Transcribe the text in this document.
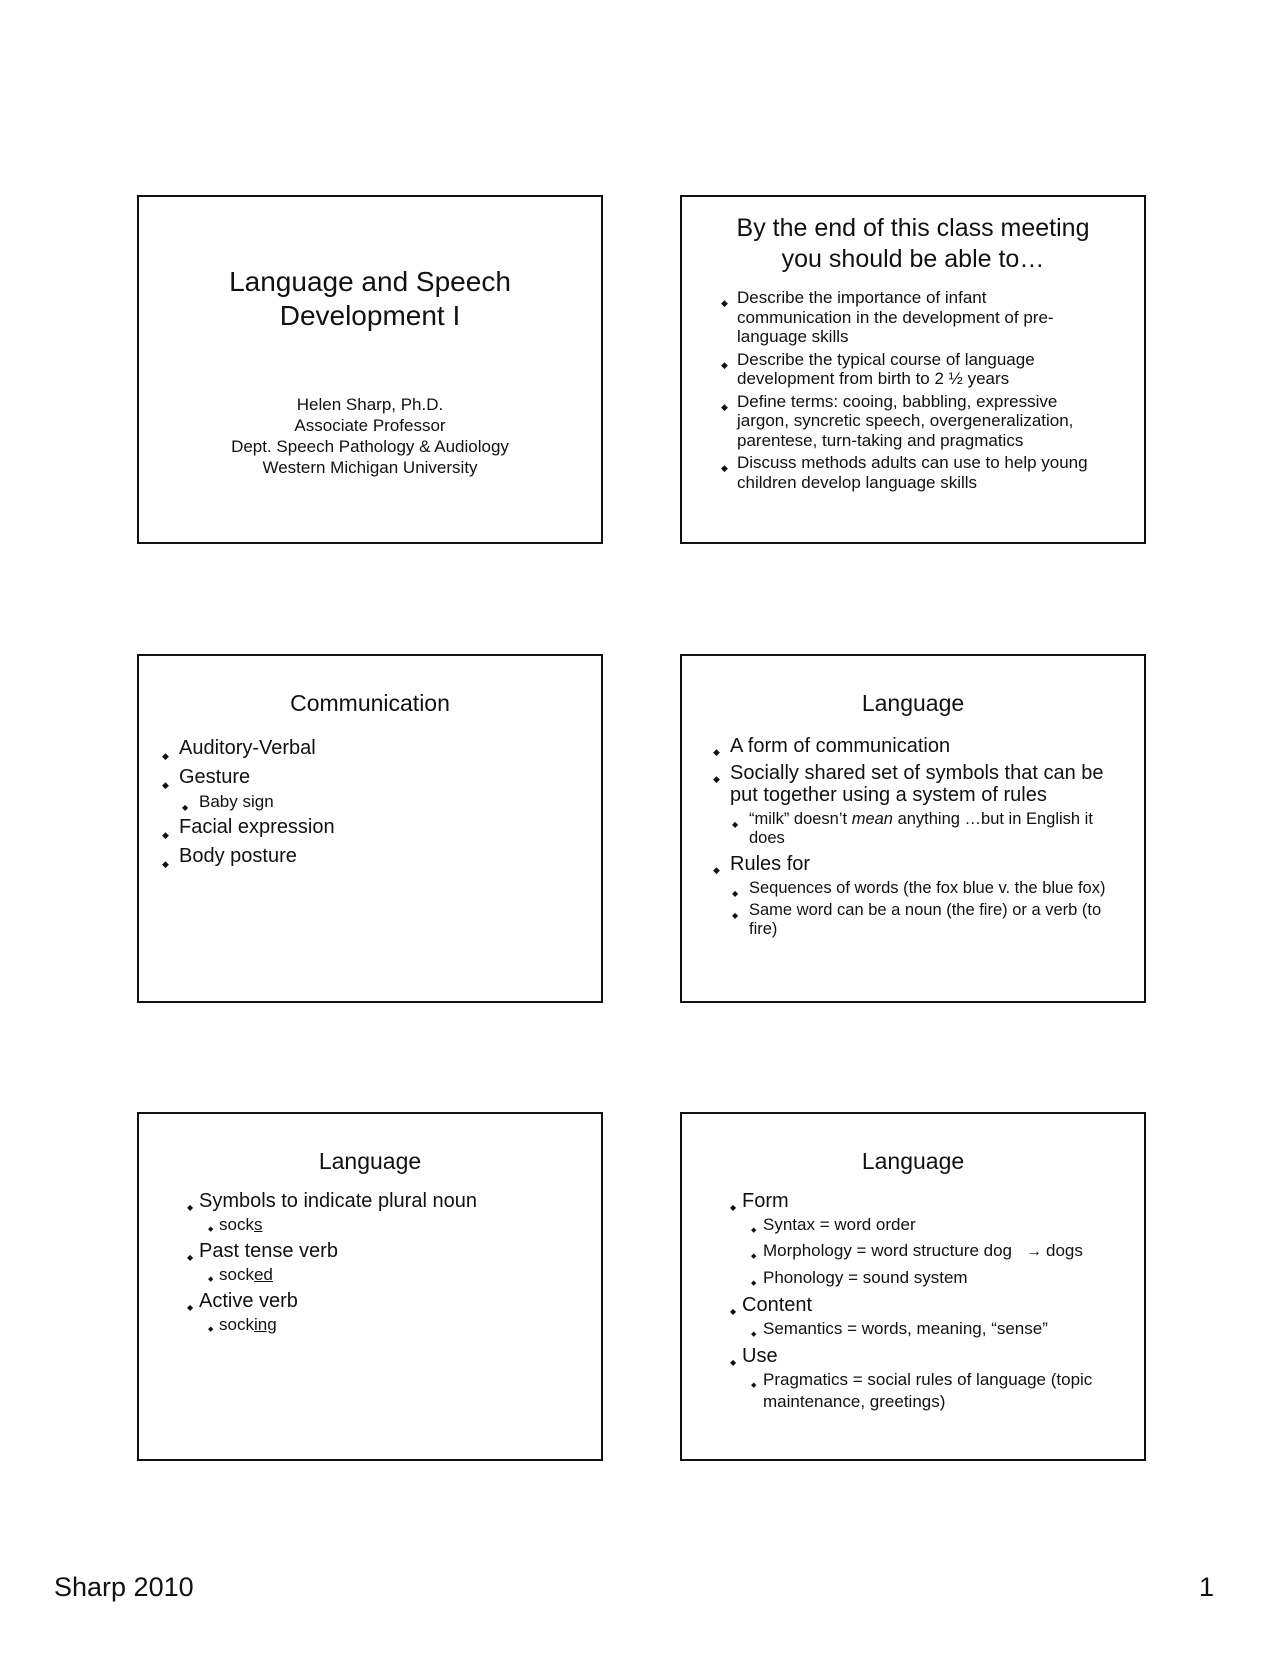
Language and Speech
Development I
Helen Sharp, Ph.D.
Associate Professor
Dept. Speech Pathology & Audiology
Western Michigan University
By the end of this class meeting
you should be able to…
◆ Describe the importance of infant communication in the development of pre-language skills
◆ Describe the typical course of language development from birth to 2 ½ years
◆ Define terms: cooing, babbling, expressive jargon, syncretic speech, overgeneralization, parentese, turn-taking and pragmatics
◆ Discuss methods adults can use to help young children develop language skills
Communication
◆ Auditory-Verbal
◆ Gesture
◆ Baby sign
◆ Facial expression
◆ Body posture
Language
◆ A form of communication
◆ Socially shared set of symbols that can be put together using a system of rules
◆ “milk” doesn’t mean anything …but in English it does
◆ Rules for
◆ Sequences of words (the fox blue v. the blue fox)
◆ Same word can be a noun (the fire) or a verb (to fire)
Language
◆ Symbols to indicate plural noun
◆ socks
◆ Past tense verb
◆ socked
◆ Active verb
◆ socking
Language
◆ Form
◆ Syntax = word order
◆ Morphology = word structure dog → dogs
◆ Phonology = sound system
◆ Content
◆ Semantics = words, meaning, “sense”
◆ Use
◆ Pragmatics = social rules of language (topic maintenance, greetings)
Sharp 2010	1
